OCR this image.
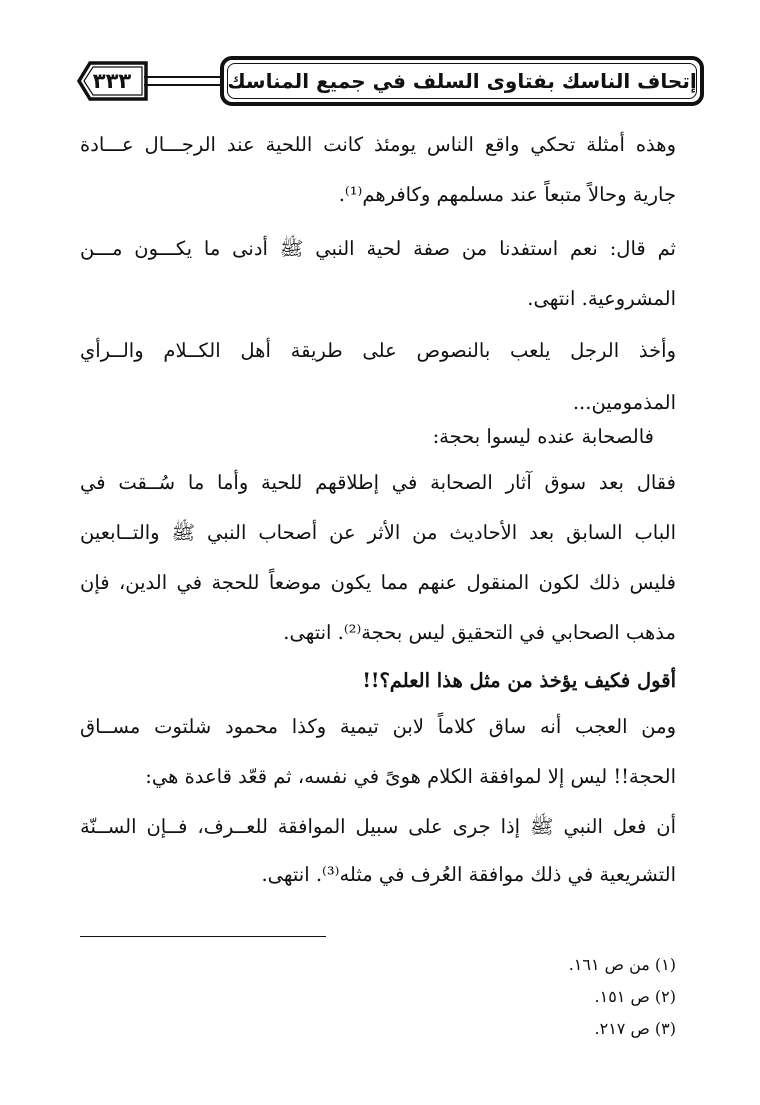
٣٣٣	إتحاف الناسك بفتاوى السلف في جميع المناسك
وهذه أمثلة تحكي واقع الناس يومئذ كانت اللحية عند الرجـــال عـــادة
جارية وحالاً متبعاً عند مسلمهم وكافرهم⁽¹⁾.
ثم قال: نعم استفدنا من صفة لحية النبي ﷺ أدنى ما يكـــون مـــن
المشروعية. انتهى.
وأخذ الرجل يلعب بالنصوص على طريقة أهل الكــلام والــرأي
المذمومين...
فالصحابة عنده ليسوا بحجة:
فقال بعد سوق آثار الصحابة في إطلاقهم للحية وأما ما سُــقت في
الباب السابق بعد الأحاديث من الأثر عن أصحاب النبي ﷺ والتــابعين
فليس ذلك لكون المنقول عنهم مما يكون موضعاً للحجة في الدين، فإن
مذهب الصحابي في التحقيق ليس بحجة⁽²⁾. انتهى.
أقول فكيف يؤخذ من مثل هذا العلم؟!!
ومن العجب أنه ساق كلاماً لابن تيمية وكذا محمود شلتوت مســاق
الحجة!! ليس إلا لموافقة الكلام هوىً في نفسه، ثم قعّد قاعدة هي:
أن فعل النبي ﷺ إذا جرى على سبيل الموافقة للعــرف، فــإن الســنّة
التشريعية في ذلك موافقة العُرف في مثله⁽³⁾. انتهى.
(١) من ص ١٦١.
(٢) ص ١٥١.
(٣) ص ٢١٧.
